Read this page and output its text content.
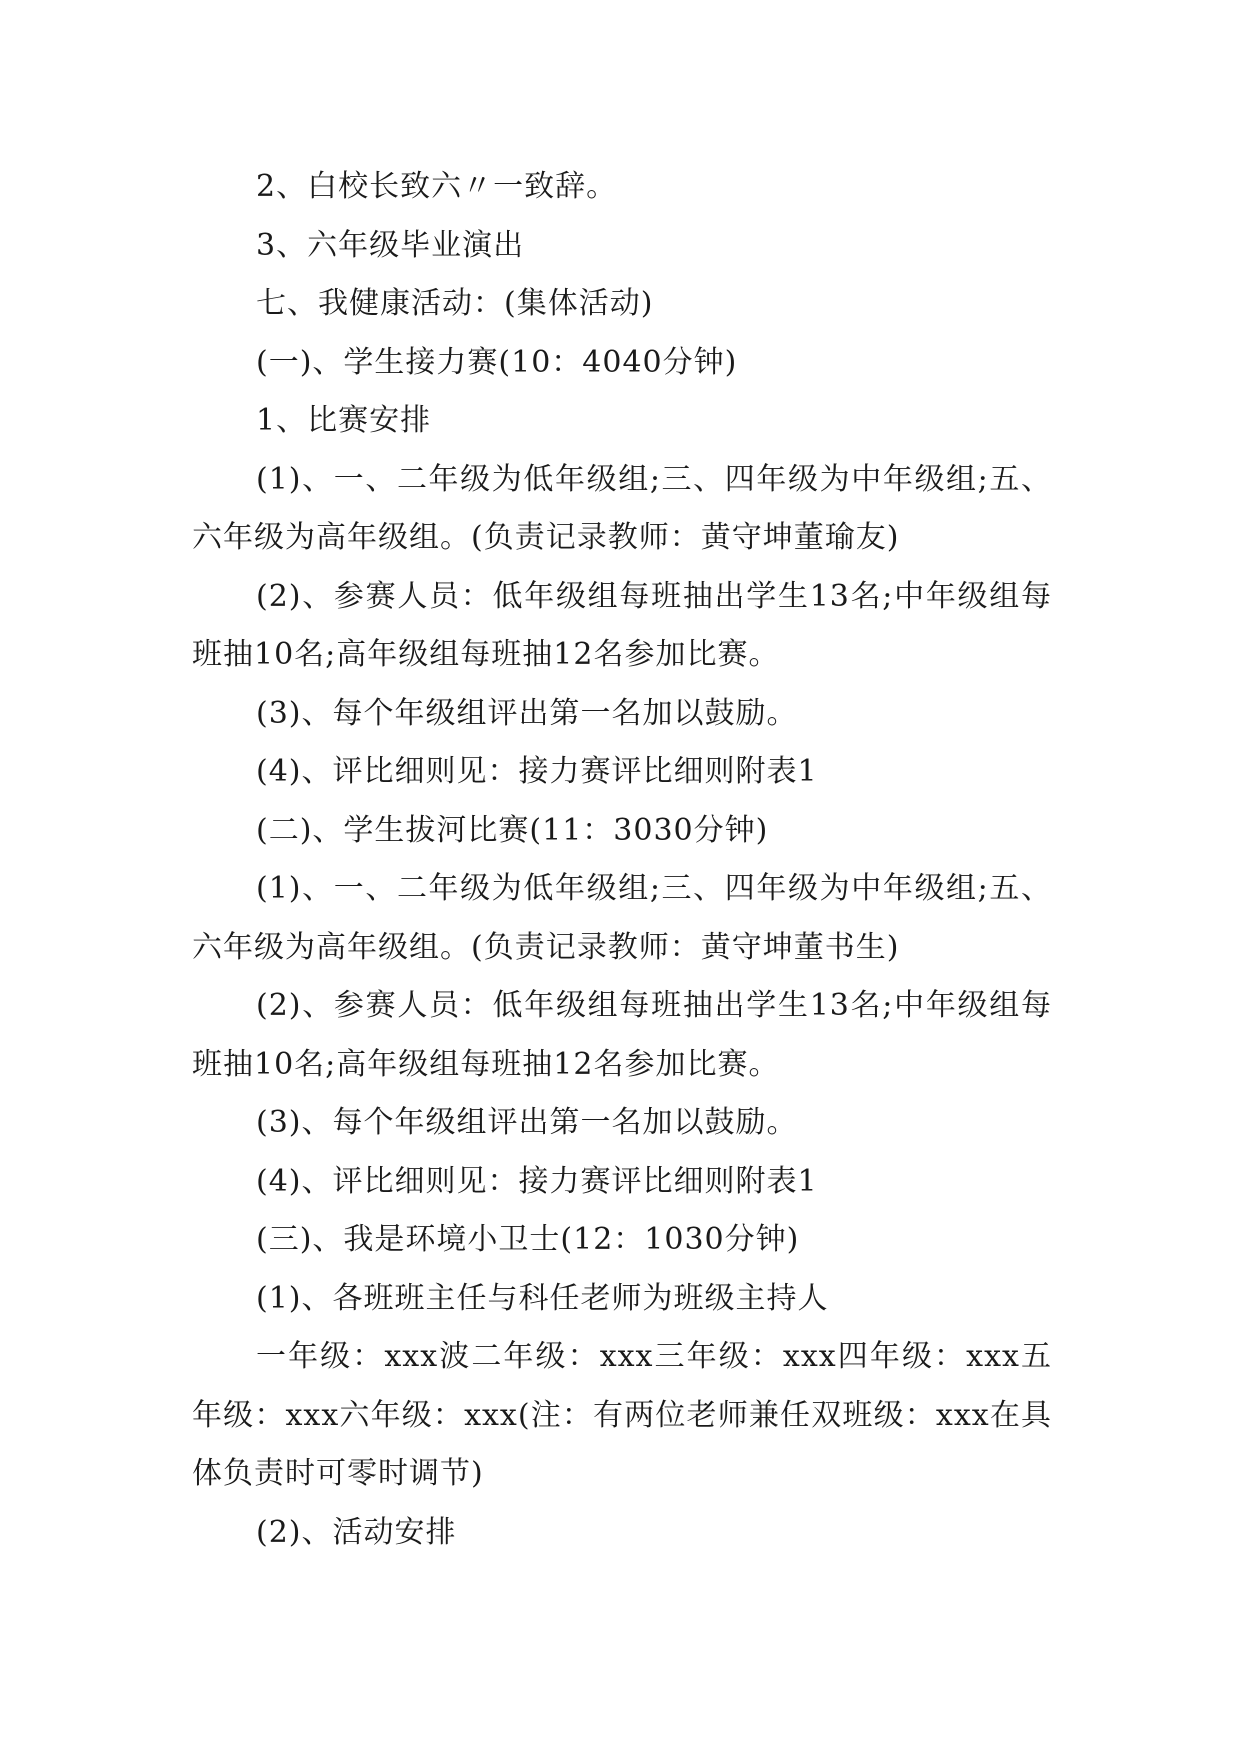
2、白校长致六〃一致辞。

3、六年级毕业演出

七、我健康活动：(集体活动)

(一)、学生接力赛(10：4040分钟)

1、比赛安排

(1)、一、二年级为低年级组;三、四年级为中年级组;五、六年级为高年级组。(负责记录教师：黄守坤董瑜友)

(2)、参赛人员：低年级组每班抽出学生13名;中年级组每班抽10名;高年级组每班抽12名参加比赛。

(3)、每个年级组评出第一名加以鼓励。

(4)、评比细则见：接力赛评比细则附表1

(二)、学生拔河比赛(11：3030分钟)

(1)、一、二年级为低年级组;三、四年级为中年级组;五、六年级为高年级组。(负责记录教师：黄守坤董书生)

(2)、参赛人员：低年级组每班抽出学生13名;中年级组每班抽10名;高年级组每班抽12名参加比赛。

(3)、每个年级组评出第一名加以鼓励。

(4)、评比细则见：接力赛评比细则附表1

(三)、我是环境小卫士(12：1030分钟)

(1)、各班班主任与科任老师为班级主持人

一年级：xxx波二年级：xxx三年级：xxx四年级：xxx五年级：xxx六年级：xxx(注：有两位老师兼任双班级：xxx在具体负责时可零时调节)

(2)、活动安排
